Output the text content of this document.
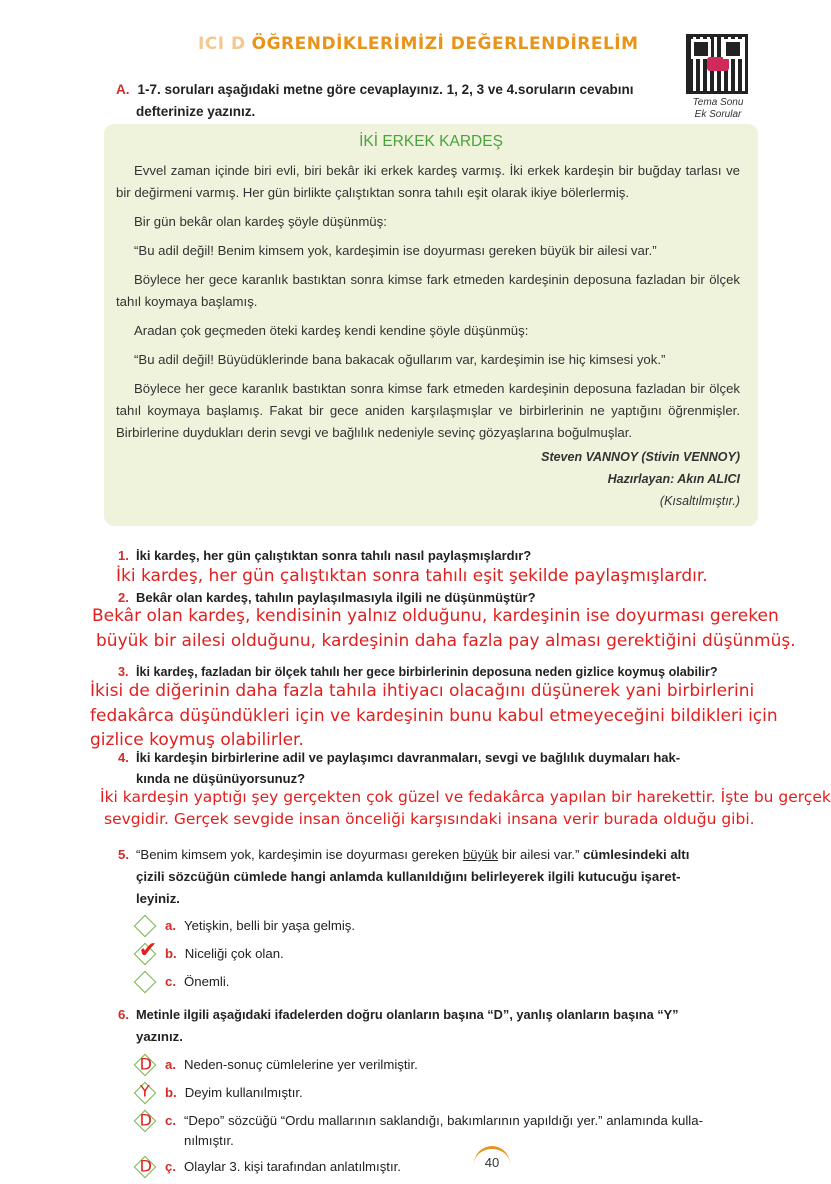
ICI D ÖĞRENDİKLERİMİZİ DEĞERLENDİRELİM
Tema Sonu
Ek Sorular
A. 1-7. soruları aşağıdaki metne göre cevaplayınız. 1, 2, 3 ve 4.soruların cevabını
defterinize yazınız.
İKİ ERKEK KARDEŞ

Evvel zaman içinde biri evli, biri bekâr iki erkek kardeş varmış. İki erkek kardeşin bir buğday tarlası ve bir değirmeni varmış. Her gün birlikte çalıştıktan sonra tahılı eşit olarak ikiye bölerlermiş.

Bir gün bekâr olan kardeş şöyle düşünmüş:

“Bu adil değil! Benim kimsem yok, kardeşimin ise doyurması gereken büyük bir ailesi var.”

Böylece her gece karanlık bastıktan sonra kimse fark etmeden kardeşinin deposuna fazladan bir ölçek tahıl koymaya başlamış.

Aradan çok geçmeden öteki kardeş kendi kendine şöyle düşünmüş:

“Bu adil değil! Büyüdüklerinde bana bakacak oğullarım var, kardeşimin ise hiç kimsesi yok.”

Böylece her gece karanlık bastıktan sonra kimse fark etmeden kardeşinin deposuna fazladan bir ölçek tahıl koymaya başlamış. Fakat bir gece aniden karşılaşmışlar ve birbirlerinin ne yaptığını öğrenmişler. Birbirlerine duydukları derin sevgi ve bağlılık nedeniyle sevinç gözyaşlarına boğulmuşlar.

Steven VANNOY (Stivin VENNOY)

Hazırlayan: Akın ALICI

(Kısaltılmıştır.)

1. İki kardeş, her gün çalıştıktan sonra tahılı nasıl paylaşmışlardır?
İki kardeş, her gün çalıştıktan sonra tahılı eşit şekilde paylaşmışlardır.
2. Bekâr olan kardeş, tahılın paylaşılmasıyla ilgili ne düşünmüştür?
Bekâr olan kardeş, kendisinin yalnız olduğunu, kardeşinin ise doyurması gereken
büyük bir ailesi olduğunu, kardeşinin daha fazla pay alması gerektiğini düşünmüş.
3. İki kardeş, fazladan bir ölçek tahılı her gece birbirlerinin deposuna neden gizlice koymuş olabilir?
İkisi de diğerinin daha fazla tahıla ihtiyacı olacağını düşünerek yani birbirlerini
fedakârca düşündükleri için ve kardeşinin bunu kabul etmeyeceğini bildikleri için
gizlice koymuş olabilirler.
4. İki kardeşin birbirlerine adil ve paylaşımcı davranmaları, sevgi ve bağlılık duymaları hak-
kında ne düşünüyorsunuz?
İki kardeşin yaptığı şey gerçekten çok güzel ve fedakârca yapılan bir harekettir. İşte bu gerçek
sevgidir. Gerçek sevgide insan önceliği karşısındaki insana verir burada olduğu gibi.
5. “Benim kimsem yok, kardeşimin ise doyurması gereken büyük bir ailesi var.” cümlesindeki altı
çizili sözcüğün cümlede hangi anlamda kullanıldığını belirleyerek ilgili kutucuğu işaret-
leyiniz.
a. Yetişkin, belli bir yaşa gelmiş.
✔ b. Niceliği çok olan.
c. Önemli.
6. Metinle ilgili aşağıdaki ifadelerden doğru olanların başına “D”, yanlış olanların başına “Y”
yazınız.
D a. Neden-sonuç cümlelerine yer verilmiştir.
Y b. Deyim kullanılmıştır.
D c. “Depo” sözcüğü “Ordu mallarının saklandığı, bakımlarının yapıldığı yer.” anlamında kulla-
nılmıştır.
D ç. Olaylar 3. kişi tarafından anlatılmıştır.	40
